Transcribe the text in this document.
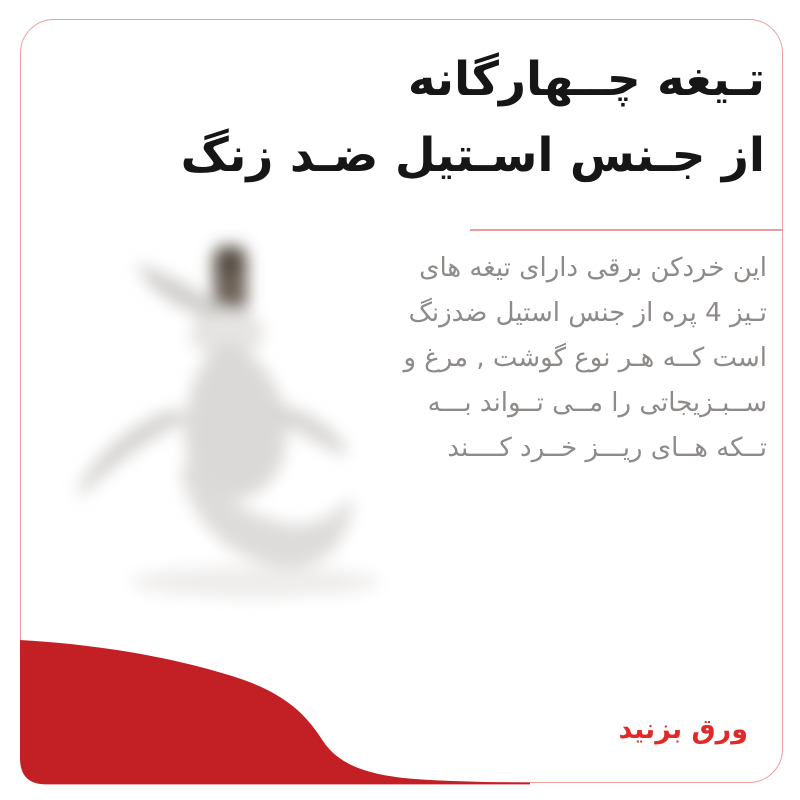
تـیغه چــهارگانه
از جـنس اسـتیل ضـد زنگ
این خردکن برقی دارای تیغه های
تـیز 4 پره از جنس استیل ضدزنگ
است کــه هـر نوع گوشت , مرغ و
ســبـزیجاتی را مــی تــواند بـــه
تــکه هــای ریـــز خــرد کــــند
ورق بزنید
